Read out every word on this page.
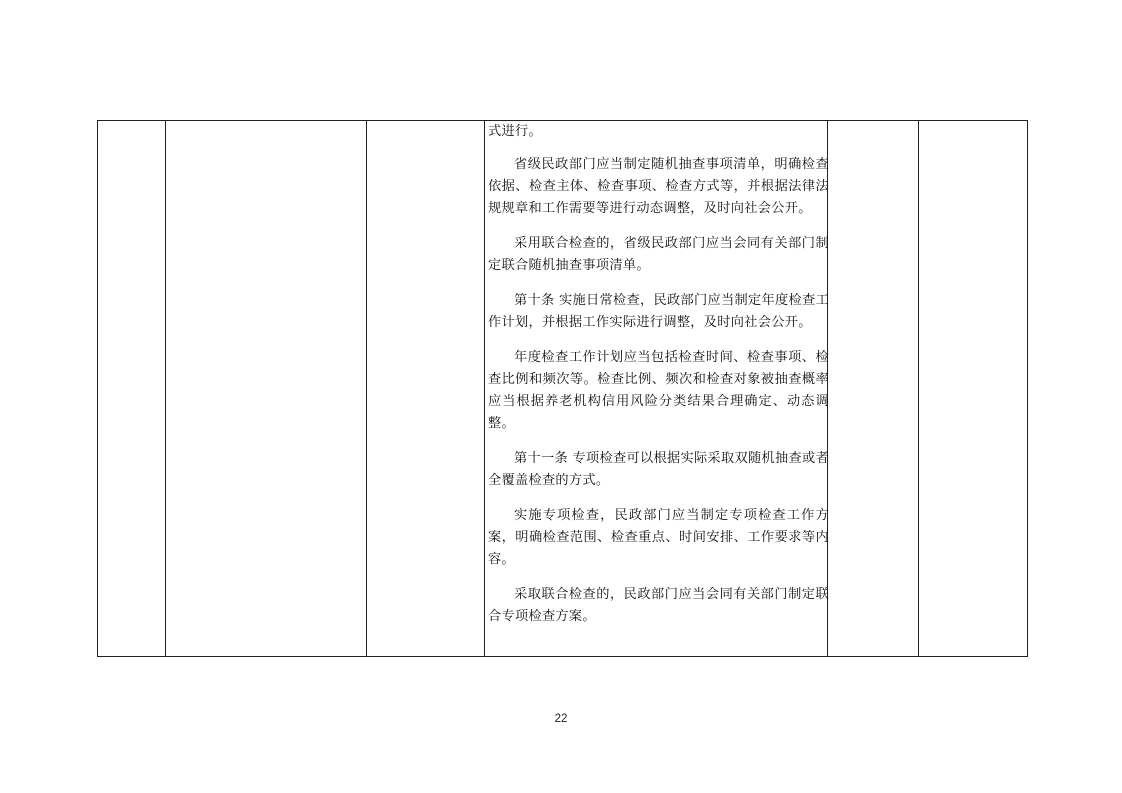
式进行。

省级民政部门应当制定随机抽查事项清单，明确检查依据、检查主体、检查事项、检查方式等，并根据法律法规规章和工作需要等进行动态调整，及时向社会公开。

采用联合检查的，省级民政部门应当会同有关部门制定联合随机抽查事项清单。

第十条 实施日常检查，民政部门应当制定年度检查工作计划，并根据工作实际进行调整，及时向社会公开。

年度检查工作计划应当包括检查时间、检查事项、检查比例和频次等。检查比例、频次和检查对象被抽查概率应当根据养老机构信用风险分类结果合理确定、动态调整。

第十一条 专项检查可以根据实际采取双随机抽查或者全覆盖检查的方式。

实施专项检查，民政部门应当制定专项检查工作方案，明确检查范围、检查重点、时间安排、工作要求等内容。

采取联合检查的，民政部门应当会同有关部门制定联合专项检查方案。

22
